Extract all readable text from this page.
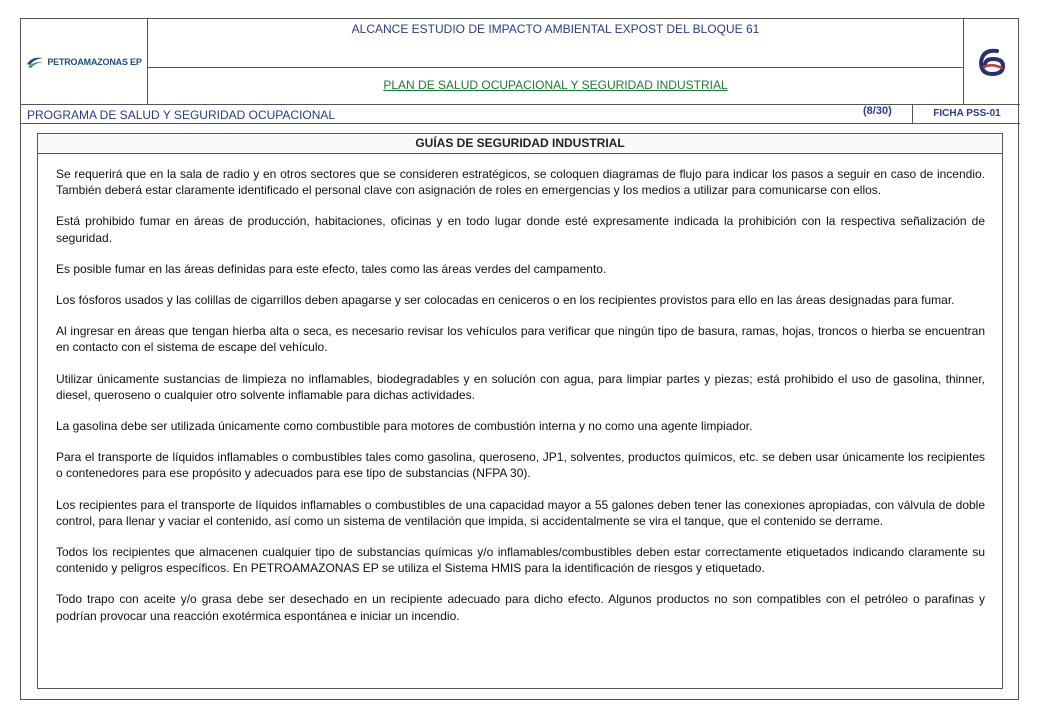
PETROAMAZONAS EP
ALCANCE ESTUDIO DE IMPACTO AMBIENTAL EXPOST DEL BLOQUE 61
PLAN DE SALUD OCUPACIONAL Y SEGURIDAD INDUSTRIAL
PROGRAMA DE SALUD Y SEGURIDAD OCUPACIONAL	(8/30)	FICHA PSS-01
GUÍAS DE SEGURIDAD INDUSTRIAL

Se requerirá que en la sala de radio y en otros sectores que se consideren estratégicos, se coloquen diagramas de flujo para indicar los pasos a seguir en caso de incendio. También deberá estar claramente identificado el personal clave con asignación de roles en emergencias y los medios a utilizar para comunicarse con ellos.

Está prohibido fumar en áreas de producción, habitaciones, oficinas y en todo lugar donde esté expresamente indicada la prohibición con la respectiva señalización de seguridad.

Es posible fumar en las áreas definidas para este efecto, tales como las áreas verdes del campamento.

Los fósforos usados y las colillas de cigarrillos deben apagarse y ser colocadas en ceniceros o en los recipientes provistos para ello en las áreas designadas para fumar.

Al ingresar en áreas que tengan hierba alta o seca, es necesario revisar los vehículos para verificar que ningún tipo de basura, ramas, hojas, troncos o hierba se encuentran en contacto con el sistema de escape del vehículo.

Utilizar únicamente sustancias de limpieza no inflamables, biodegradables y en solución con agua, para limpiar partes y piezas; está prohibido el uso de gasolina, thinner, diesel, queroseno o cualquier otro solvente inflamable para dichas actividades.

La gasolina debe ser utilizada únicamente como combustible para motores de combustión interna y no como una agente limpiador.

Para el transporte de líquidos inflamables o combustibles tales como gasolina, queroseno, JP1, solventes, productos químicos, etc. se deben usar únicamente los recipientes o contenedores para ese propósito y adecuados para ese tipo de substancias (NFPA 30).

Los recipientes para el transporte de líquidos inflamables o combustibles de una capacidad mayor a 55 galones deben tener las conexiones apropiadas, con válvula de doble control, para llenar y vaciar el contenido, así como un sistema de ventilación que impida, si accidentalmente se vira el tanque, que el contenido se derrame.

Todos los recipientes que almacenen cualquier tipo de substancias químicas y/o inflamables/combustibles deben estar correctamente etiquetados indicando claramente su contenido y peligros específicos. En PETROAMAZONAS EP se utiliza el Sistema HMIS para la identificación de riesgos y etiquetado.

Todo trapo con aceite y/o grasa debe ser desechado en un recipiente adecuado para dicho efecto. Algunos productos no son compatibles con el petróleo o parafinas y podrían provocar una reacción exotérmica espontánea e iniciar un incendio.
